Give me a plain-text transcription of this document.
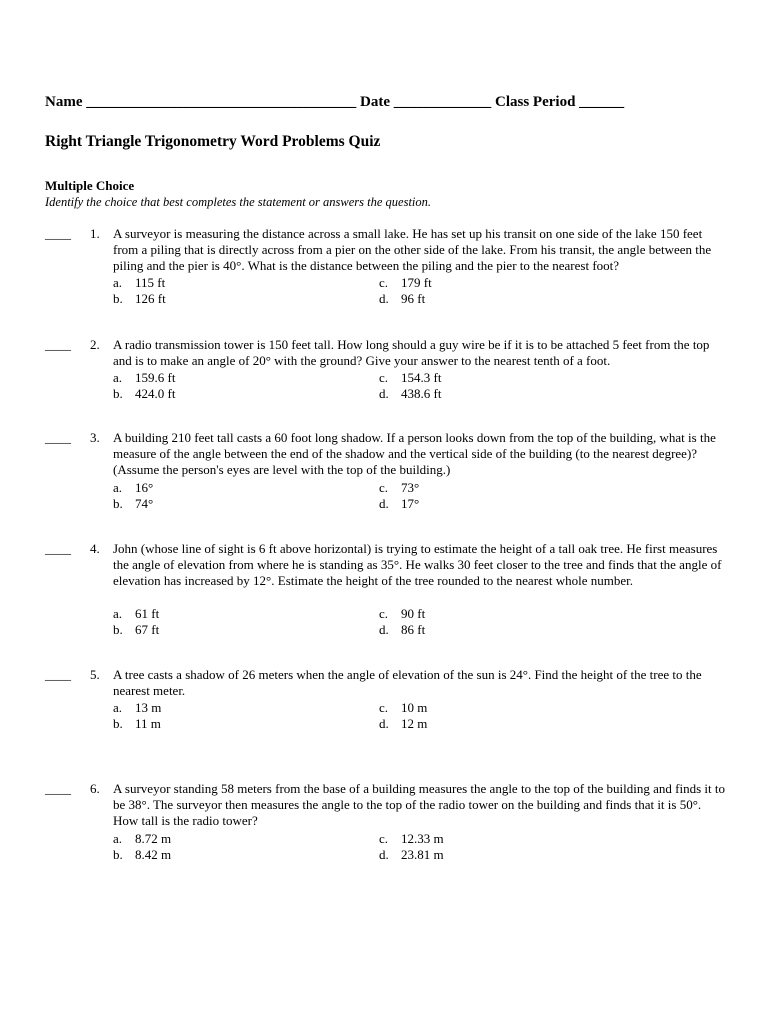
Name ____________________________________ Date _____________ Class Period ______
Right Triangle Trigonometry Word Problems Quiz
Multiple Choice
Identify the choice that best completes the statement or answers the question.
____ 1. A surveyor is measuring the distance across a small lake. He has set up his transit on one side of the lake 150 feet from a piling that is directly across from a pier on the other side of the lake. From his transit, the angle between the piling and the pier is 40°. What is the distance between the piling and the pier to the nearest foot?
a. 115 ft
b. 126 ft
c. 179 ft
d. 96 ft
____ 2. A radio transmission tower is 150 feet tall. How long should a guy wire be if it is to be attached 5 feet from the top and is to make an angle of 20° with the ground? Give your answer to the nearest tenth of a foot.
a. 159.6 ft
b. 424.0 ft
c. 154.3 ft
d. 438.6 ft
____ 3. A building 210 feet tall casts a 60 foot long shadow. If a person looks down from the top of the building, what is the measure of the angle between the end of the shadow and the vertical side of the building (to the nearest degree)? (Assume the person's eyes are level with the top of the building.)
a. 16°
b. 74°
c. 73°
d. 17°
____ 4. John (whose line of sight is 6 ft above horizontal) is trying to estimate the height of a tall oak tree. He first measures the angle of elevation from where he is standing as 35°. He walks 30 feet closer to the tree and finds that the angle of elevation has increased by 12°. Estimate the height of the tree rounded to the nearest whole number.
a. 61 ft
b. 67 ft
c. 90 ft
d. 86 ft
____ 5. A tree casts a shadow of 26 meters when the angle of elevation of the sun is 24°. Find the height of the tree to the nearest meter.
a. 13 m
b. 11 m
c. 10 m
d. 12 m
____ 6. A surveyor standing 58 meters from the base of a building measures the angle to the top of the building and finds it to be 38°. The surveyor then measures the angle to the top of the radio tower on the building and finds that it is 50°. How tall is the radio tower?
a. 8.72 m
b. 8.42 m
c. 12.33 m
d. 23.81 m
